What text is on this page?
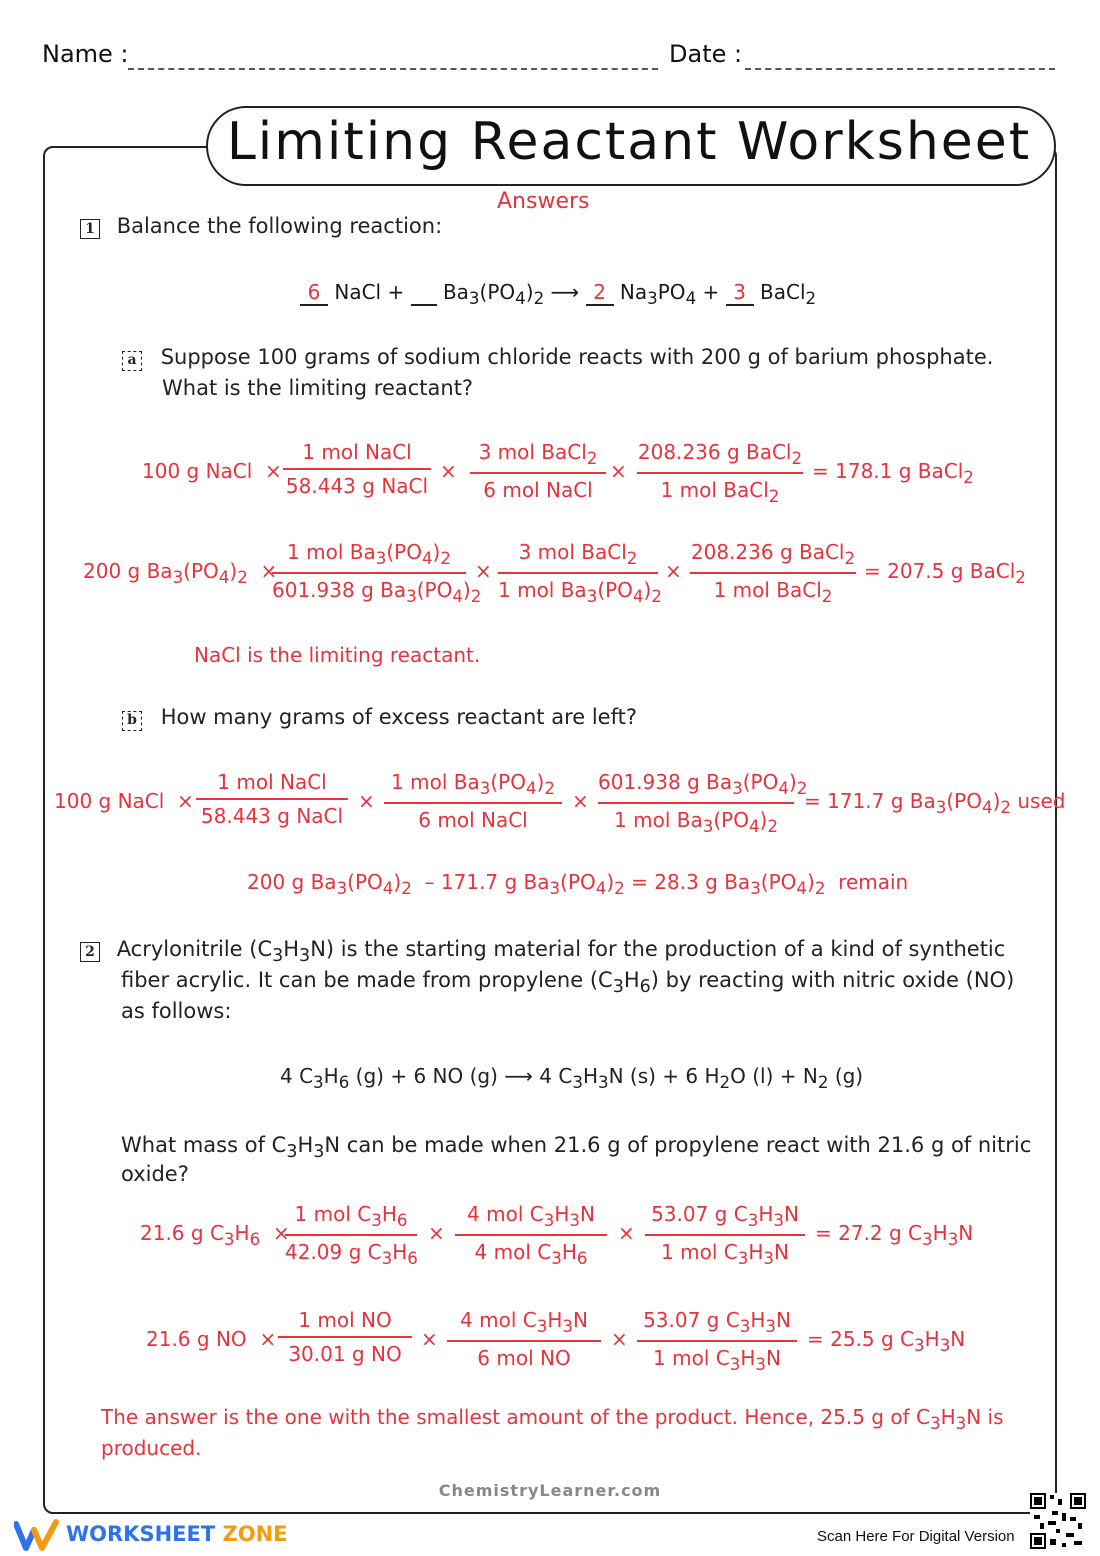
Name :	Date :
Limiting Reactant Worksheet
Answers
1 Balance the following reaction:
6 NaCl + $Ba_3(PO_4)_2$ ⟶ 2 $Na_3PO_4 + 3$ BaCl$_2$
a Suppose 100 grams of sodium chloride reacts with 200 g of barium phosphate.
What is the limiting reactant?
100 g NaCl  ×
1 mol NaCl
58.443 g NaCl
×
3 mol BaCl$_2$
6 mol NaCl
×
208.236 g BaCl$_2$
1 mol BaCl$_2$
= 178.1 g BaCl$_2$
200 g $Ba_3(PO_4)_2$  ×
1 mol $Ba_3(PO_4)_2$
601.938 g $Ba_3(PO_4)_2$
×
3 mol BaCl$_2$
1 mol $Ba_3(PO_4)_2$
×
208.236 g BaCl$_2$
1 mol BaCl$_2$
= 207.5 g BaCl$_2$
NaCl is the limiting reactant.
b How many grams of excess reactant are left?
100 g NaCl  ×
1 mol NaCl
58.443 g NaCl
×
1 mol $Ba_3(PO_4)_2$
6 mol NaCl
×
601.938 g $Ba_3(PO_4)_2$
1 mol $Ba_3(PO_4)_2$
= 171.7 g $Ba_3(PO_4)_2$ used
200 g $Ba_3(PO_4)_2 - 171.7$ g $Ba_3(PO_4)_2 = 28.3$ g $Ba_3(PO_4)_2$ remain
2 Acrylonitrile $(C_3H_3N)$ is the starting material for the production of a kind of synthetic
fiber acrylic. It can be made from propylene $(C_3H_6)$ by reacting with nitric oxide (NO)
as follows:
4 $C_3H_6$ (g) + 6 NO (g) ⟶ 4 $C_3H_3N$ (s) + 6 $H_2O$ $(l) + N_2$ (g)
What mass of $C_3H_3N$ can be made when 21.6 g of propylene react with 21.6 g of nitric oxide?
21.6 g $C_3H_6$  ×
1 mol $C_3H_6$
42.09 g $C_3H_6$
×
4 mol $C_3H_3N$
4 mol $C_3H_6$
×
53.07 g $C_3H_3N$
1 mol $C_3H_3N$
= 27.2 g $C_3H_3N$
21.6 g NO  ×
1 mol NO
30.01 g NO
×
4 mol $C_3H_3N$
6 mol NO
×
53.07 g $C_3H_3N$
1 mol $C_3H_3N$
= 25.5 g $C_3H_3N$
The answer is the one with the smallest amount of the product. Hence, 25.5 g of $C_3H_3N$ is
produced.
ChemistryLearner.com
WORKSHEET ZONE	Scan Here For Digital Version
